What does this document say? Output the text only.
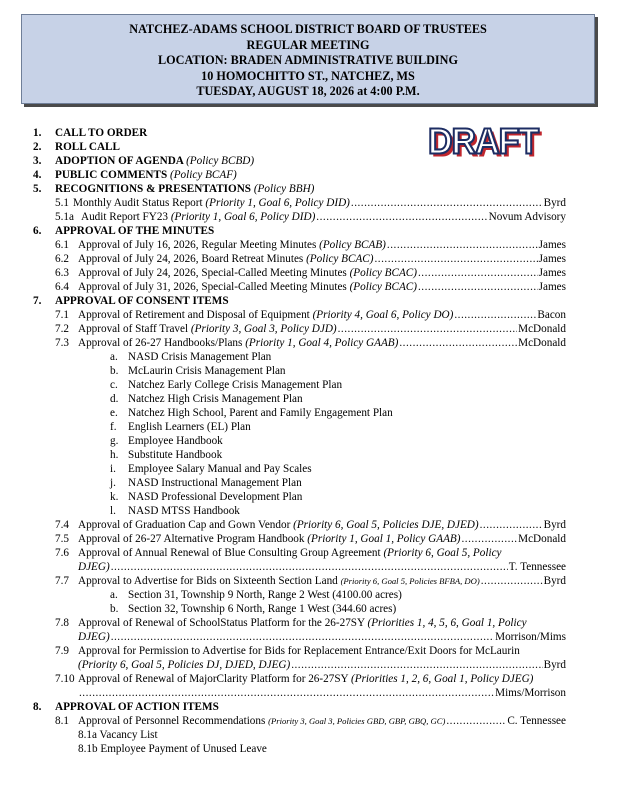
NATCHEZ-ADAMS SCHOOL DISTRICT BOARD OF TRUSTEES
REGULAR MEETING
LOCATION: BRADEN ADMINISTRATIVE BUILDING
10 HOMOCHITTO ST., NATCHEZ, MS
TUESDAY, AUGUST 18, 2026 at 4:00 P.M.
DRAFT
1. CALL TO ORDER
2. ROLL CALL
3. ADOPTION OF AGENDA (Policy BCBD)
4. PUBLIC COMMENTS (Policy BCAF)
5. RECOGNITIONS & PRESENTATIONS (Policy BBH)
5.1 Monthly Audit Status Report (Priority 1, Goal 6, Policy DID) .....	Byrd
5.1a Audit Report FY23 (Priority 1, Goal 6, Policy DID) .....	Novum Advisory
6. APPROVAL OF THE MINUTES
6.1 Approval of July 16, 2026, Regular Meeting Minutes (Policy BCAB) .....	James
6.2 Approval of July 24, 2026, Board Retreat Minutes (Policy BCAC) .....	James
6.3 Approval of July 24, 2026, Special-Called Meeting Minutes (Policy BCAC) .....	James
6.4 Approval of July 31, 2026, Special-Called Meeting Minutes (Policy BCAC) .....	James
7. APPROVAL OF CONSENT ITEMS
7.1 Approval of Retirement and Disposal of Equipment (Priority 4, Goal 6, Policy DO) .....	Bacon
7.2 Approval of Staff Travel (Priority 3, Goal 3, Policy DJD) .....	McDonald
7.3 Approval of 26-27 Handbooks/Plans (Priority 1, Goal 4, Policy GAAB) .....	McDonald
a. NASD Crisis Management Plan
b. McLaurin Crisis Management Plan
c. Natchez Early College Crisis Management Plan
d. Natchez High Crisis Management Plan
e. Natchez High School, Parent and Family Engagement Plan
f. English Learners (EL) Plan
g. Employee Handbook
h. Substitute Handbook
i. Employee Salary Manual and Pay Scales
j. NASD Instructional Management Plan
k. NASD Professional Development Plan
l. NASD MTSS Handbook
7.4 Approval of Graduation Cap and Gown Vendor (Priority 6, Goal 5, Policies DJE, DJED) .....	Byrd
7.5 Approval of 26-27 Alternative Program Handbook (Priority 1, Goal 1, Policy GAAB) .....	McDonald
7.6 Approval of Annual Renewal of Blue Consulting Group Agreement (Priority 6, Goal 5, Policy
DJEG) .....	T. Tennessee
7.7 Approval to Advertise for Bids on Sixteenth Section Land (Priority 6, Goal 5, Policies BFBA, DO) .....	Byrd
a. Section 31, Township 9 North, Range 2 West (4100.00 acres)
b. Section 32, Township 6 North, Range 1 West (344.60 acres)
7.8 Approval of Renewal of SchoolStatus Platform for the 26-27SY (Priorities 1, 4, 5, 6, Goal 1, Policy
DJEG) .....	Morrison/Mims
7.9 Approval for Permission to Advertise for Bids for Replacement Entrance/Exit Doors for McLaurin
(Priority 6, Goal 5, Policies DJ, DJED, DJEG) .....	Byrd
7.10 Approval of Renewal of MajorClarity Platform for 26-27SY (Priorities 1, 2, 6, Goal 1, Policy DJEG)
.....
Mims/Morrison
8. APPROVAL OF ACTION ITEMS
8.1 Approval of Personnel Recommendations (Priority 3, Goal 3, Policies GBD, GBP, GBQ, GC) .....	C. Tennessee
8.1a Vacancy List
8.1b Employee Payment of Unused Leave
